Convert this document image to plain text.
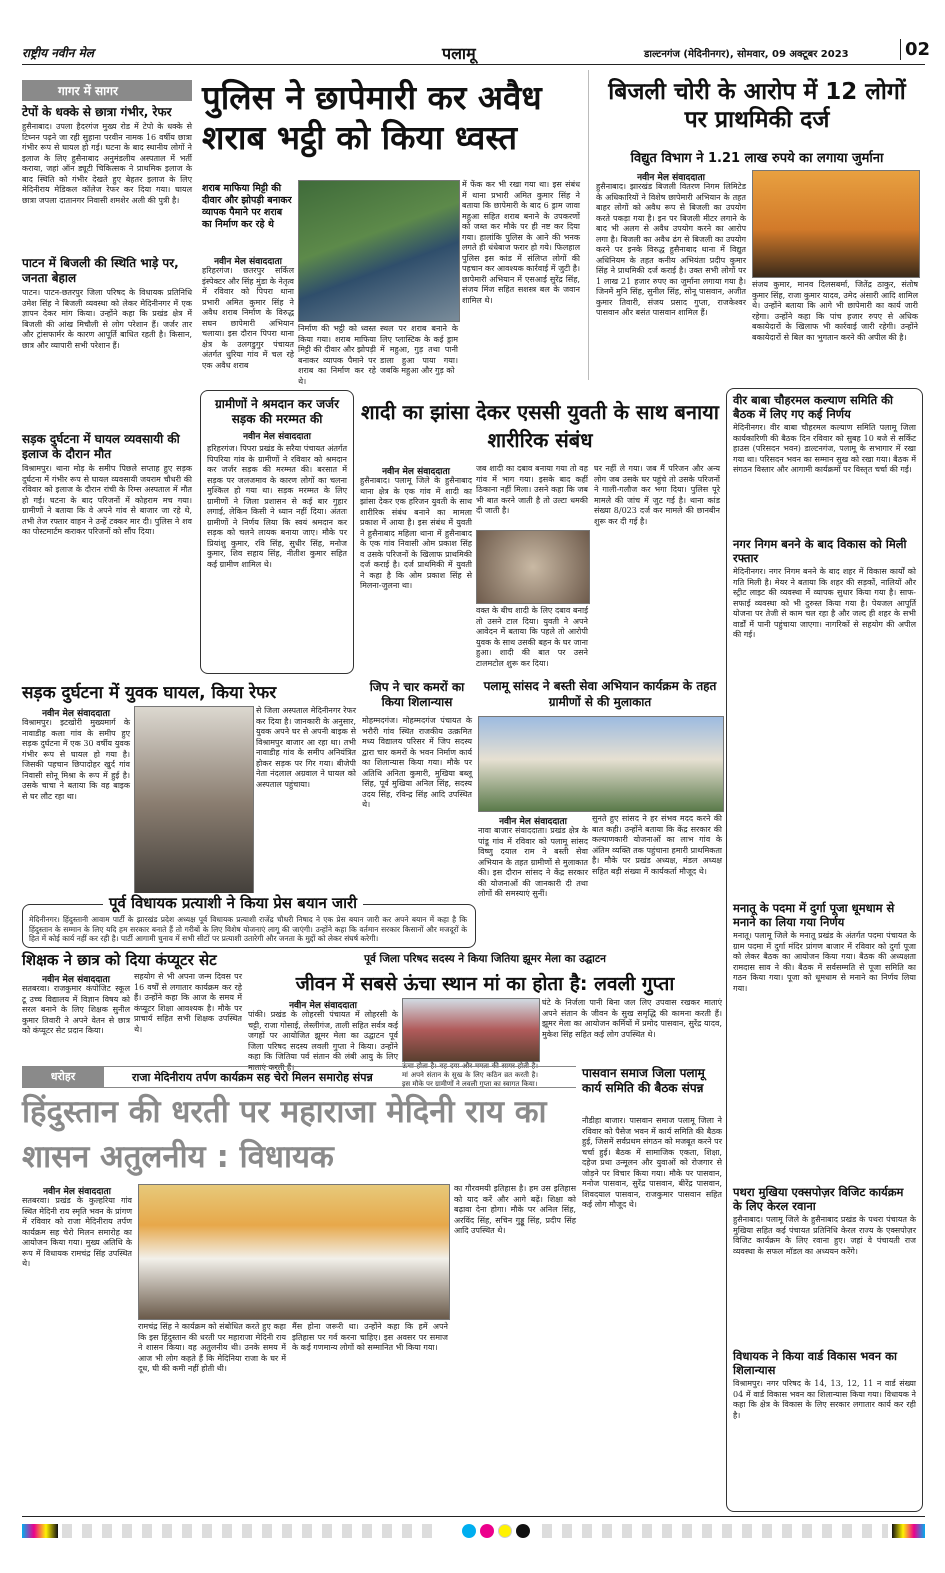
राष्ट्रीय नवीन मेल	पलामू	डाल्टनगंज (मेदिनीनगर), सोमवार, 09 अक्टूबर 2023	02
गागर में सागर
टेपों के धक्के से छात्रा गंभीर, रेफर
हुसैनाबाद। उपला हैदरगंज मुख्य रोड में टेपो के धक्के से टिघ्नन पढ़ने जा रही सुहाना परवीन नामक 16 वर्षीय छात्रा गंभीर रूप से घायल हो गई। घटना के बाद स्थानीय लोगों ने इलाज के लिए हुसैनाबाद अनुमंडलीय अस्पताल में भर्ती कराया, जहां ऑन ड्यूटी चिकित्सक ने प्राथमिक इलाज के बाद स्थिति को गंभीर देखते हुए बेहतर इलाज के लिए मेदिनीराय मेडिकल कॉलेज रेफर कर दिया गया। घायल छात्रा जपला दातानगर निवासी शमशेर अली की पुत्री है।
पाटन में बिजली की स्थिति भाड़े पर, जनता बेहाल
पाटन। पाटन-छतरपुर जिला परिषद के विधायक प्रतिनिधि उमेश सिंह ने बिजली व्यवस्था को लेकर मेदिनीनगर में एक ज्ञापन देकर मांग किया। उन्होंने कहा कि प्रखंड क्षेत्र में बिजली की आंख मिचौली से लोग परेशान हैं। जर्जर तार और ट्रांसफार्मर के कारण आपूर्ति बाधित रहती है। किसान, छात्र और व्यापारी सभी परेशान हैं।
सड़क दुर्घटना में घायल व्यवसायी की इलाज के दौरान मौत
विश्रामपुर। थाना मोड़ के समीप पिछले सप्ताह हुए सड़क दुर्घटना में गंभीर रूप से घायल व्यवसायी जयराम चौधरी की रविवार को इलाज के दौरान रांची के रिम्स अस्पताल में मौत हो गई। घटना के बाद परिजनों में कोहराम मच गया। ग्रामीणों ने बताया कि वे अपने गांव से बाजार जा रहे थे, तभी तेज रफ्तार वाहन ने उन्हें टक्कर मार दी। पुलिस ने शव का पोस्टमार्टम कराकर परिजनों को सौंप दिया।
पुलिस ने छापेमारी कर अवैध शराब भट्ठी को किया ध्वस्त
शराब माफिया मिट्टी की दीवार और झोपड़ी बनाकर व्यापक पैमाने पर शराब का निर्माण कर रहे थे
नवीन मेल संवाददाता
हरिहरगंज। छतरपुर सर्किल इंस्पेक्टर और सिंह मुंडा के नेतृत्व में रविवार को पिपरा थाना प्रभारी अमित कुमार सिंह ने अवैध शराब निर्माण के विरुद्ध सघन छापेमारी अभियान चलाया। इस दौरान पिपरा थाना क्षेत्र के उलगडुगुर पंचायत अंतर्गत धुरिया गांव में चल रहे एक अवैध शराब
निर्माण की भट्ठी को ध्वस्त किया गया। शराब माफिया मिट्टी की दीवार और झोपड़ी बनाकर व्यापक पैमाने पर शराब का निर्माण कर रहे थे।
स्थल पर शराब बनाने के लिए प्लास्टिक के कई ड्राम में महुआ, गुड़ तथा पानी डाला हुआ पाया गया। जबकि महुआ और गुड़ को
में फेंक कर भी रखा गया था। इस संबंध में थाना प्रभारी अमित कुमार सिंह ने बताया कि छापेमारी के बाद 6 ड्राम जावा महुआ सहित शराब बनाने के उपकरणों को जब्त कर मौके पर ही नष्ट कर दिया गया। हालांकि पुलिस के आने की भनक लगते ही धंधेबाज फरार हो गये। फिलहाल पुलिस इस कांड में संलिप्त लोगों की पहचान कर आवश्यक कार्रवाई में जुटी है। छापेमारी अभियान में एसआई सुरेंद्र सिंह, संजय मिंज सहित सशस्त्र बल के जवान शामिल थे।
बिजली चोरी के आरोप में 12 लोगों पर प्राथमिकी दर्ज
विद्युत विभाग ने 1.21 लाख रुपये का लगाया जुर्माना
नवीन मेल संवाददाता
हुसैनाबाद। झारखंड बिजली वितरण निगम लिमिटेड के अधिकारियों ने विशेष छापेमारी अभियान के तहत बाहर लोगों को अवैध रूप से बिजली का उपयोग करते पकड़ा गया है। इन पर बिजली मीटर लगाने के बाद भी अलग से अवैध उपयोग करने का आरोप लगा है। बिजली का अवैध ढंग से बिजली का उपयोग करने पर इनके विरुद्ध हुसैनाबाद थाना में विद्युत अधिनियम के तहत कनीय अभियंता प्रदीप कुमार सिंह ने प्राथमिकी दर्ज कराई है। उक्त सभी लोगों पर 1 लाख 21 हजार रुपए का जुर्माना लगाया गया है। जिनमें मुनि सिंह, सुनील सिंह, सोनू पासवान, अजीत कुमार तिवारी, संजय प्रसाद गुप्ता, राजकेश्वर पासवान और बसंत पासवान शामिल हैं।
संजय कुमार, मानव दिलसबर्मा, जितेंद्र ठाकुर, संतोष कुमार सिंह, राजा कुमार यादव, उमेद अंसारी आदि शामिल थे। उन्होंने बताया कि आगे भी छापेमारी का कार्य जारी रहेगा। उन्होंने कहा कि पांच हजार रुपए से अधिक बकायेदारों के खिलाफ भी कार्रवाई जारी रहेगी। उन्होंने बकायेदारों से बिल का भुगतान करने की अपील की है।
ग्रामीणों ने श्रमदान कर जर्जर सड़क की मरम्मत की
नवीन मेल संवाददाता
हरिहरगंज। पिपरा प्रखंड के सरैया पंचायत अंतर्गत पिपरिया गांव के ग्रामीणों ने रविवार को श्रमदान कर जर्जर सड़क की मरम्मत की। बरसात में सड़क पर जलजमाव के कारण लोगों का चलना मुश्किल हो गया था। सड़क मरम्मत के लिए ग्रामीणों ने जिला प्रशासन से कई बार गुहार लगाई, लेकिन किसी ने ध्यान नहीं दिया। अंततः ग्रामीणों ने निर्णय लिया कि स्वयं श्रमदान कर सड़क को चलने लायक बनाया जाए। मौके पर प्रियांशु कुमार, रवि सिंह, सुधीर सिंह, मनोज कुमार, शिव सहाय सिंह, नीतीश कुमार सहित कई ग्रामीण शामिल थे।
शादी का झांसा देकर एससी युवती के साथ बनाया शारीरिक संबंध
नवीन मेल संवाददाता
हुसैनाबाद। पलामू जिले के हुसैनाबाद थाना क्षेत्र के एक गांव में शादी का झांसा देकर एक हरिजन युवती के साथ शारीरिक संबंध बनाने का मामला प्रकाश में आया है। इस संबंध में युवती ने हुसैनाबाद महिला थाना में हुसैनाबाद के एक गांव निवासी ओम प्रकाश सिंह व उसके परिजनों के खिलाफ प्राथमिकी दर्ज कराई है। दर्ज प्राथमिकी में युवती ने कहा है कि ओम प्रकाश सिंह से मिलना-जुलना था।
जब शादी का दबाव बनाया गया तो वह गांव में भाग गया। इसके बाद कहीं ठिकाना नहीं मिला। उसने कहा कि जब भी बात करने जाती है तो उल्टा धमकी दी जाती है।
वक्त के बीच शादी के लिए दबाव बनाई तो उसने टाल दिया। युवती ने अपने आवेदन में बताया कि पहले तो आरोपी युवक के साथ उसकी बहन के घर जाना हुआ। शादी की बात पर उसने टालमटोल शुरू कर दिया।
घर नहीं ले गया। जब मैं परिजन और अन्य लोग जब उसके घर पहुंचे तो उसके परिजनों ने गाली-गलौज कर भगा दिया। पुलिस पूरे मामले की जांच में जुट गई है। थाना कांड संख्या 8/023 दर्ज कर मामले की छानबीन शुरू कर दी गई है।
वीर बाबा चौहरमल कल्याण समिति की बैठक में लिए गए कई निर्णय
मेदिनीनगर। वीर बाबा चौहरमल कल्याण समिति पलामू जिला कार्यकारिणी की बैठक दिन रविवार को सुबह 10 बजे से सर्किट हाउस (परिसदन भवन) डाल्टनगंज, पलामू के सभागार में रखा गया था। परिसदन भवन का सम्मान सुख को रखा गया। बैठक में संगठन विस्तार और आगामी कार्यक्रमों पर विस्तृत चर्चा की गई।
नगर निगम बनने के बाद विकास को मिली रफ्तार
मेदिनीनगर। नगर निगम बनने के बाद शहर में विकास कार्यों को गति मिली है। मेयर ने बताया कि शहर की सड़कों, नालियों और स्ट्रीट लाइट की व्यवस्था में व्यापक सुधार किया गया है। साफ-सफाई व्यवस्था को भी दुरुस्त किया गया है। पेयजल आपूर्ति योजना पर तेजी से काम चल रहा है और जल्द ही शहर के सभी वार्डों में पानी पहुंचाया जाएगा। नागरिकों से सहयोग की अपील की गई।
मनातू के पदमा में दुर्गा पूजा धूमधाम से मनाने का लिया गया निर्णय
मनातू। पलामू जिले के मनातू प्रखंड के अंतर्गत पदमा पंचायत के ग्राम पदमा में दुर्गा मंदिर प्रांगण बाजार में रविवार को दुर्गा पूजा को लेकर बैठक का आयोजन किया गया। बैठक की अध्यक्षता रामदास साव ने की। बैठक में सर्वसम्मति से पूजा समिति का गठन किया गया। पूजा को धूमधाम से मनाने का निर्णय लिया गया।
पथरा मुखिया एक्सपोज़र विजिट कार्यक्रम के लिए केरल रवाना
हुसैनाबाद। पलामू जिले के हुसैनाबाद प्रखंड के पथरा पंचायत के मुखिया सहित कई पंचायत प्रतिनिधि केरल राज्य के एक्सपोज़र विजिट कार्यक्रम के लिए रवाना हुए। जहां वे पंचायती राज व्यवस्था के सफल मॉडल का अध्ययन करेंगे।
विधायक ने किया वार्ड विकास भवन का शिलान्यास
विश्रामपुर। नगर परिषद के 14, 13, 12, 11 न वार्ड संख्या 04 में वार्ड विकास भवन का शिलान्यास किया गया। विधायक ने कहा कि क्षेत्र के विकास के लिए सरकार लगातार कार्य कर रही है।
सड़क दुर्घटना में युवक घायल, किया रेफर
नवीन मेल संवाददाता
विश्रामपुर। इटखोरी मुख्यमार्ग के नावाडीह कला गांव के समीप हुए सड़क दुर्घटना में एक 30 वर्षीय युवक गंभीर रूप से घायल हो गया है। जिसकी पहचान छिपादोहर खुर्द गांव निवासी सोनू मिश्रा के रूप में हुई है। उसके चाचा ने बताया कि वह बाइक से घर लौट रहा था।
से जिला अस्पताल मेदिनीनगर रेफर कर दिया है। जानकारी के अनुसार, युवक अपने घर से अपनी बाइक से विश्रामपुर बाजार आ रहा था। तभी नावाडीह गांव के समीप अनियंत्रित होकर सड़क पर गिर गया। बीजेपी नेता नंदलाल अग्रवाल ने घायल को अस्पताल पहुंचाया।
जिप ने चार कमरों का किया शिलान्यास
मोहम्मदगंज। मोहम्मदगंज पंचायत के भरौरी गांव स्थित राजकीय उत्क्रमित मध्य विद्यालय परिसर में जिप सदस्य द्वारा चार कमरों के भवन निर्माण कार्य का शिलान्यास किया गया। मौके पर अतिथि अनिता कुमारी, मुखिया बब्लू सिंह, पूर्व मुखिया अनिल सिंह, सदस्य उदय सिंह, रविन्द्र सिंह आदि उपस्थित थे।
पलामू सांसद ने बस्ती सेवा अभियान कार्यक्रम के तहत ग्रामीणों से की मुलाकात
नवीन मेल संवाददाता
नावा बाजार संवाददाता। प्रखंड क्षेत्र के पांडू गांव में रविवार को पलामू सांसद विष्णु दयाल राम ने बस्ती सेवा अभियान के तहत ग्रामीणों से मुलाकात की। इस दौरान सांसद ने केंद्र सरकार की योजनाओं की जानकारी दी तथा लोगों की समस्याएं सुनीं।
सुनते हुए सांसद ने हर संभव मदद करने की बात कही। उन्होंने बताया कि केंद्र सरकार की कल्याणकारी योजनाओं का लाभ गांव के अंतिम व्यक्ति तक पहुंचाना हमारी प्राथमिकता है। मौके पर प्रखंड अध्यक्ष, मंडल अध्यक्ष सहित बड़ी संख्या में कार्यकर्ता मौजूद थे।
पूर्व विधायक प्रत्याशी ने किया प्रेस बयान जारी
मेदिनीनगर। हिंदुस्तानी आवाम पार्टी के झारखंड प्रदेश अध्यक्ष पूर्व विधायक प्रत्याशी राजेंद्र चौधरी निषाद ने एक प्रेस बयान जारी कर अपने बयान में कहा है कि हिंदुस्तान के सम्मान के लिए यदि हम सरकार बनाते हैं तो गरीबों के लिए विशेष योजनाएं लागू की जाएंगी। उन्होंने कहा कि वर्तमान सरकार किसानों और मजदूरों के हित में कोई कार्य नहीं कर रही है। पार्टी आगामी चुनाव में सभी सीटों पर प्रत्याशी उतारेगी और जनता के मुद्दों को लेकर संघर्ष करेगी।
शिक्षक ने छात्र को दिया कंप्यूटर सेट
नवीन मेल संवाददाता
सतबरवा। राजकुमार कंपोजिट स्कूल टू उच्च विद्यालय में विज्ञान विषय को सरल बनाने के लिए शिक्षक सुनील कुमार तिवारी ने अपने वेतन से छात्र को कंप्यूटर सेट प्रदान किया।
सहयोग से भी अपना जन्म दिवस पर 16 वर्षों से लगातार कार्यक्रम कर रहे हैं। उन्होंने कहा कि आज के समय में कंप्यूटर शिक्षा आवश्यक है। मौके पर प्राचार्य सहित सभी शिक्षक उपस्थित थे।
पूर्व जिला परिषद सदस्य ने किया जितिया झूमर मेला का उद्घाटन
जीवन में सबसे ऊंचा स्थान मां का होता है: लवली गुप्ता
नवीन मेल संवाददाता
पांकी। प्रखंड के लोहरसी पंचायत में लोहरसी के चट्टी, राजा गोसाई, लेस्लीगंज, ताली सहित सर्वत्र कई जगहों पर आयोजित झूमर मेला का उद्घाटन पूर्व जिला परिषद सदस्य लवली गुप्ता ने किया। उन्होंने कहा कि जितिया पर्व संतान की लंबी आयु के लिए माताएं करती हैं।	ऊंचा होता है। वह दया और ममता की सागर होती है। मां अपने संतान के सुख के लिए कठिन व्रत करती है। इस मौके पर ग्रामीणों ने लवली गुप्ता का स्वागत किया।
घंटे के निर्जला पानी बिना जल लिए उपवास रखकर माताएं अपने संतान के जीवन के सुख समृद्धि की कामना करती हैं। झूमर मेला का आयोजन कर्मियों में प्रमोद पासवान, सुरेंद्र यादव, मुकेश सिंह सहित कई लोग उपस्थित थे।
धरोहर	राजा मेदिनीराय तर्पण कार्यक्रम सह चेरो मिलन समारोह संपन्न
हिंदुस्तान की धरती पर महाराजा मेदिनी राय का शासन अतुलनीय : विधायक
नवीन मेल संवाददाता
सतबरवा। प्रखंड के कुल्हरिया गांव स्थित मेदिनी राय स्मृति भवन के प्रांगण में रविवार को राजा मेदिनीराय तर्पण कार्यक्रम सह चेरो मिलन समारोह का आयोजन किया गया। मुख्य अतिथि के रूप में विधायक रामचंद्र सिंह उपस्थित थे।
रामचंद्र सिंह ने कार्यक्रम को संबोधित करते हुए कहा कि इस हिंदुस्तान की धरती पर महाराजा मेदिनी राय ने शासन किया। वह अतुलनीय थी। उनके समय में आज भी लोग कहते हैं कि मेदिनिया राजा के घर में दूध, घी की कमी नहीं होती थी।
मैंस होना जरूरी था। उन्होंने कहा कि हमें अपने इतिहास पर गर्व करना चाहिए। इस अवसर पर समाज के कई गणमान्य लोगों को सम्मानित भी किया गया।
का गौरवमयी इतिहास है। हम उस इतिहास को याद करें और आगे बढ़ें। शिक्षा को बढ़ावा देना होगा। मौके पर अनिल सिंह, अरविंद सिंह, सचिन गुड्डू सिंह, प्रदीप सिंह आदि उपस्थित थे।
पासवान समाज जिला पलामू कार्य समिति की बैठक संपन्न
नौडीहा बाजार। पासवान समाज पलामू जिला ने रविवार को पैसेज भवन में कार्य समिति की बैठक हुई, जिसमें सर्वप्रथम संगठन को मजबूत करने पर चर्चा हुई। बैठक में सामाजिक एकता, शिक्षा, दहेज प्रथा उन्मूलन और युवाओं को रोजगार से जोड़ने पर विचार किया गया। मौके पर पासवान, मनोज पासवान, सुरेंद्र पासवान, बीरेंद्र पासवान, शिवदयाल पासवान, राजकुमार पासवान सहित कई लोग मौजूद थे।
